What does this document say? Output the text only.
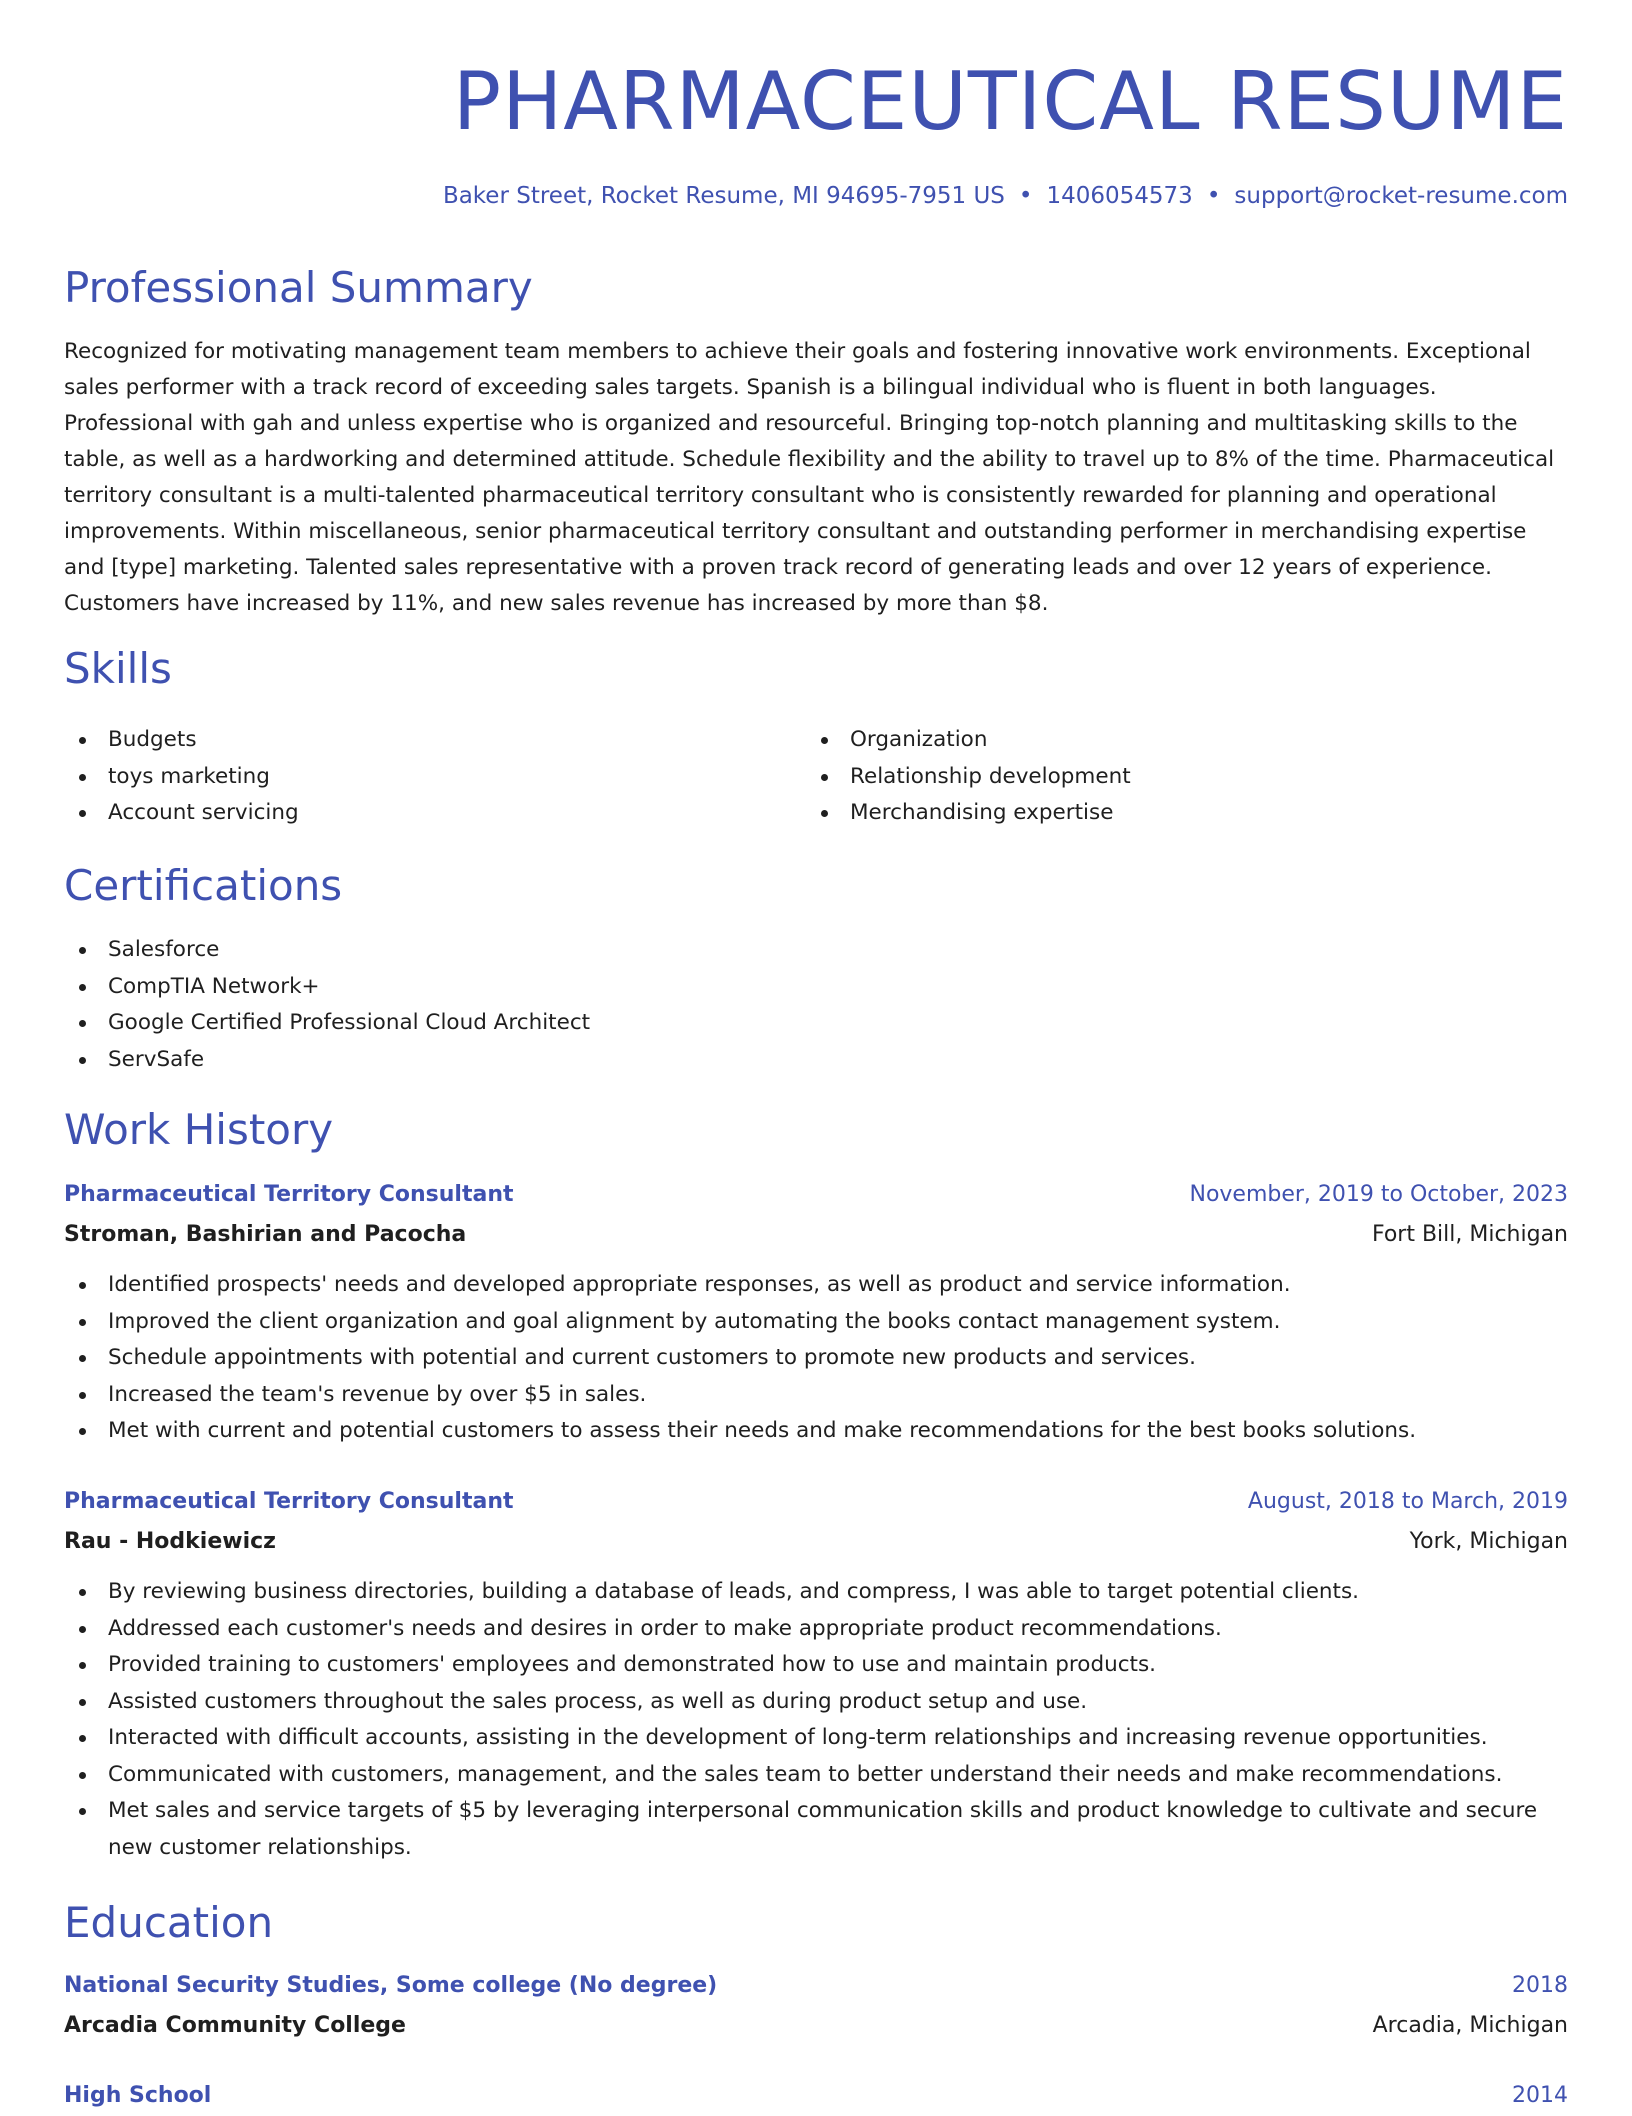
PHARMACEUTICAL RESUME
Baker Street, Rocket Resume, MI 94695-7951 US • 1406054573 • support@rocket-resume.com
Professional Summary

Recognized for motivating management team members to achieve their goals and fostering innovative work environments. Exceptional sales performer with a track record of exceeding sales targets. Spanish is a bilingual individual who is fluent in both languages. Professional with gah and unless expertise who is organized and resourceful. Bringing top-notch planning and multitasking skills to the table, as well as a hardworking and determined attitude. Schedule flexibility and the ability to travel up to 8% of the time. Pharmaceutical territory consultant is a multi-talented pharmaceutical territory consultant who is consistently rewarded for planning and operational improvements. Within miscellaneous, senior pharmaceutical territory consultant and outstanding performer in merchandising expertise and [type] marketing. Talented sales representative with a proven track record of generating leads and over 12 years of experience. Customers have increased by 11%, and new sales revenue has increased by more than $8.

Skills
Budgets
toys marketing
Account servicing
Organization
Relationship development
Merchandising expertise
Certifications
Salesforce
CompTIA Network+
Google Certified Professional Cloud Architect
ServSafe
Work History
Pharmaceutical Territory Consultant	November, 2019 to October, 2023
Stroman, Bashirian and Pacocha	Fort Bill, Michigan
Identified prospects' needs and developed appropriate responses, as well as product and service information.
Improved the client organization and goal alignment by automating the books contact management system.
Schedule appointments with potential and current customers to promote new products and services.
Increased the team's revenue by over $5 in sales.
Met with current and potential customers to assess their needs and make recommendations for the best books solutions.
Pharmaceutical Territory Consultant	August, 2018 to March, 2019
Rau - Hodkiewicz	York, Michigan
By reviewing business directories, building a database of leads, and compress, I was able to target potential clients.
Addressed each customer's needs and desires in order to make appropriate product recommendations.
Provided training to customers' employees and demonstrated how to use and maintain products.
Assisted customers throughout the sales process, as well as during product setup and use.
Interacted with difficult accounts, assisting in the development of long-term relationships and increasing revenue opportunities.
Communicated with customers, management, and the sales team to better understand their needs and make recommendations.
Met sales and service targets of $5 by leveraging interpersonal communication skills and product knowledge to cultivate and secure new customer relationships.
Education
National Security Studies, Some college (No degree)	2018
Arcadia Community College	Arcadia, Michigan
High School	2014
